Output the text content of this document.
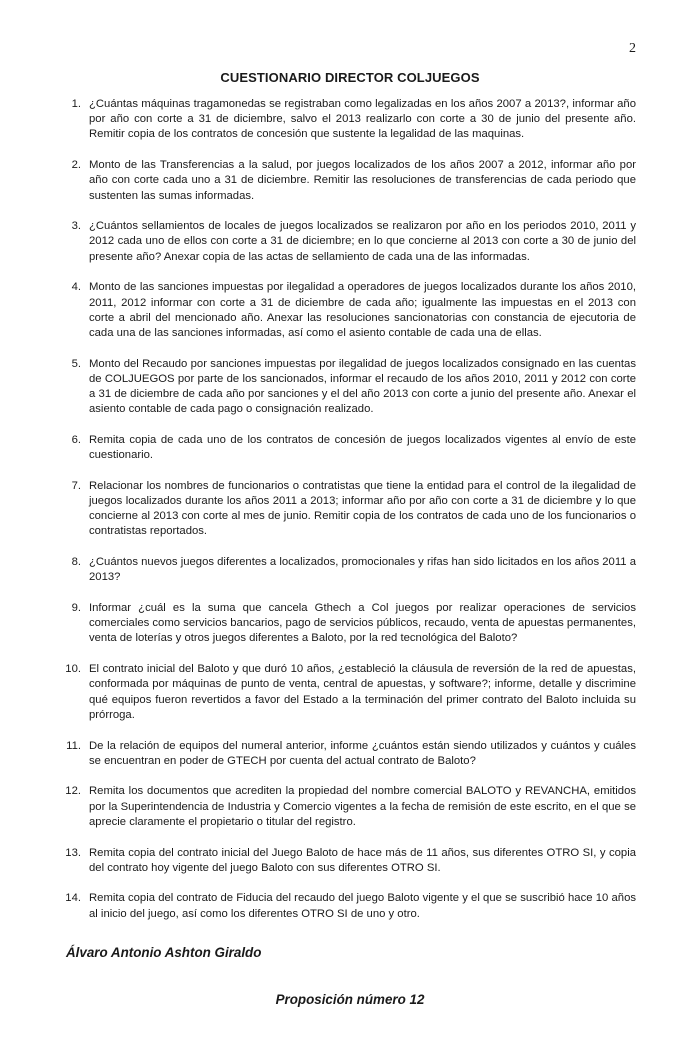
2
CUESTIONARIO DIRECTOR COLJUEGOS
1. ¿Cuántas máquinas tragamonedas se registraban como legalizadas en los años 2007 a 2013?, informar año por año con corte a 31 de diciembre, salvo el 2013 realizarlo con corte a 30 de junio del presente año. Remitir copia de los contratos de concesión que sustente la legalidad de las maquinas.
2. Monto de las Transferencias a la salud, por juegos localizados de los años 2007 a 2012, informar año por año con corte cada uno a 31 de diciembre. Remitir las resoluciones de transferencias de cada periodo que sustenten las sumas informadas.
3. ¿Cuántos sellamientos de locales de juegos localizados se realizaron por año en los periodos 2010, 2011 y 2012 cada uno de ellos con corte a 31 de diciembre; en lo que concierne al 2013 con corte a 30 de junio del presente año? Anexar copia de las actas de sellamiento de cada una de las informadas.
4. Monto de las sanciones impuestas por ilegalidad a operadores de juegos localizados durante los años 2010, 2011, 2012 informar con corte a 31 de diciembre de cada año; igualmente las impuestas en el 2013 con corte a abril del mencionado año. Anexar las resoluciones sancionatorias con constancia de ejecutoria de cada una de las sanciones informadas, así como el asiento contable de cada una de ellas.
5. Monto del Recaudo por sanciones impuestas por ilegalidad de juegos localizados consignado en las cuentas de COLJUEGOS por parte de los sancionados, informar el recaudo de los años 2010, 2011 y 2012 con corte a 31 de diciembre de cada año por sanciones y el del año 2013 con corte a junio del presente año. Anexar el asiento contable de cada pago o consignación realizado.
6. Remita copia de cada uno de los contratos de concesión de juegos localizados vigentes al envío de este cuestionario.
7. Relacionar los nombres de funcionarios o contratistas que tiene la entidad para el control de la ilegalidad de juegos localizados durante los años 2011 a 2013; informar año por año con corte a 31 de diciembre y lo que concierne al 2013 con corte al mes de junio. Remitir copia de los contratos de cada uno de los funcionarios o contratistas reportados.
8. ¿Cuántos nuevos juegos diferentes a localizados, promocionales y rifas han sido licitados en los años 2011 a 2013?
9. Informar ¿cuál es la suma que cancela Gthech a Col juegos por realizar operaciones de servicios comerciales como servicios bancarios, pago de servicios públicos, recaudo, venta de apuestas permanentes, venta de loterías y otros juegos diferentes a Baloto, por la red tecnológica del Baloto?
10. El contrato inicial del Baloto y que duró 10 años, ¿estableció la cláusula de reversión de la red de apuestas, conformada por máquinas de punto de venta, central de apuestas, y software?; informe, detalle y discrimine qué equipos fueron revertidos a favor del Estado a la terminación del primer contrato del Baloto incluida su prórroga.
11. De la relación de equipos del numeral anterior, informe ¿cuántos están siendo utilizados y cuántos y cuáles se encuentran en poder de GTECH por cuenta del actual contrato de Baloto?
12. Remita los documentos que acrediten la propiedad del nombre comercial BALOTO y REVANCHA, emitidos por la Superintendencia de Industria y Comercio vigentes a la fecha de remisión de este escrito, en el que se aprecie claramente el propietario o titular del registro.
13. Remita copia del contrato inicial del Juego Baloto de hace más de 11 años, sus diferentes OTRO SI, y copia del contrato hoy vigente del juego Baloto con sus diferentes OTRO SI.
14. Remita copia del contrato de Fiducia del recaudo del juego Baloto vigente y el que se suscribió hace 10 años al inicio del juego, así como los diferentes OTRO SI de uno y otro.
Álvaro Antonio Ashton Giraldo
Proposición número 12
